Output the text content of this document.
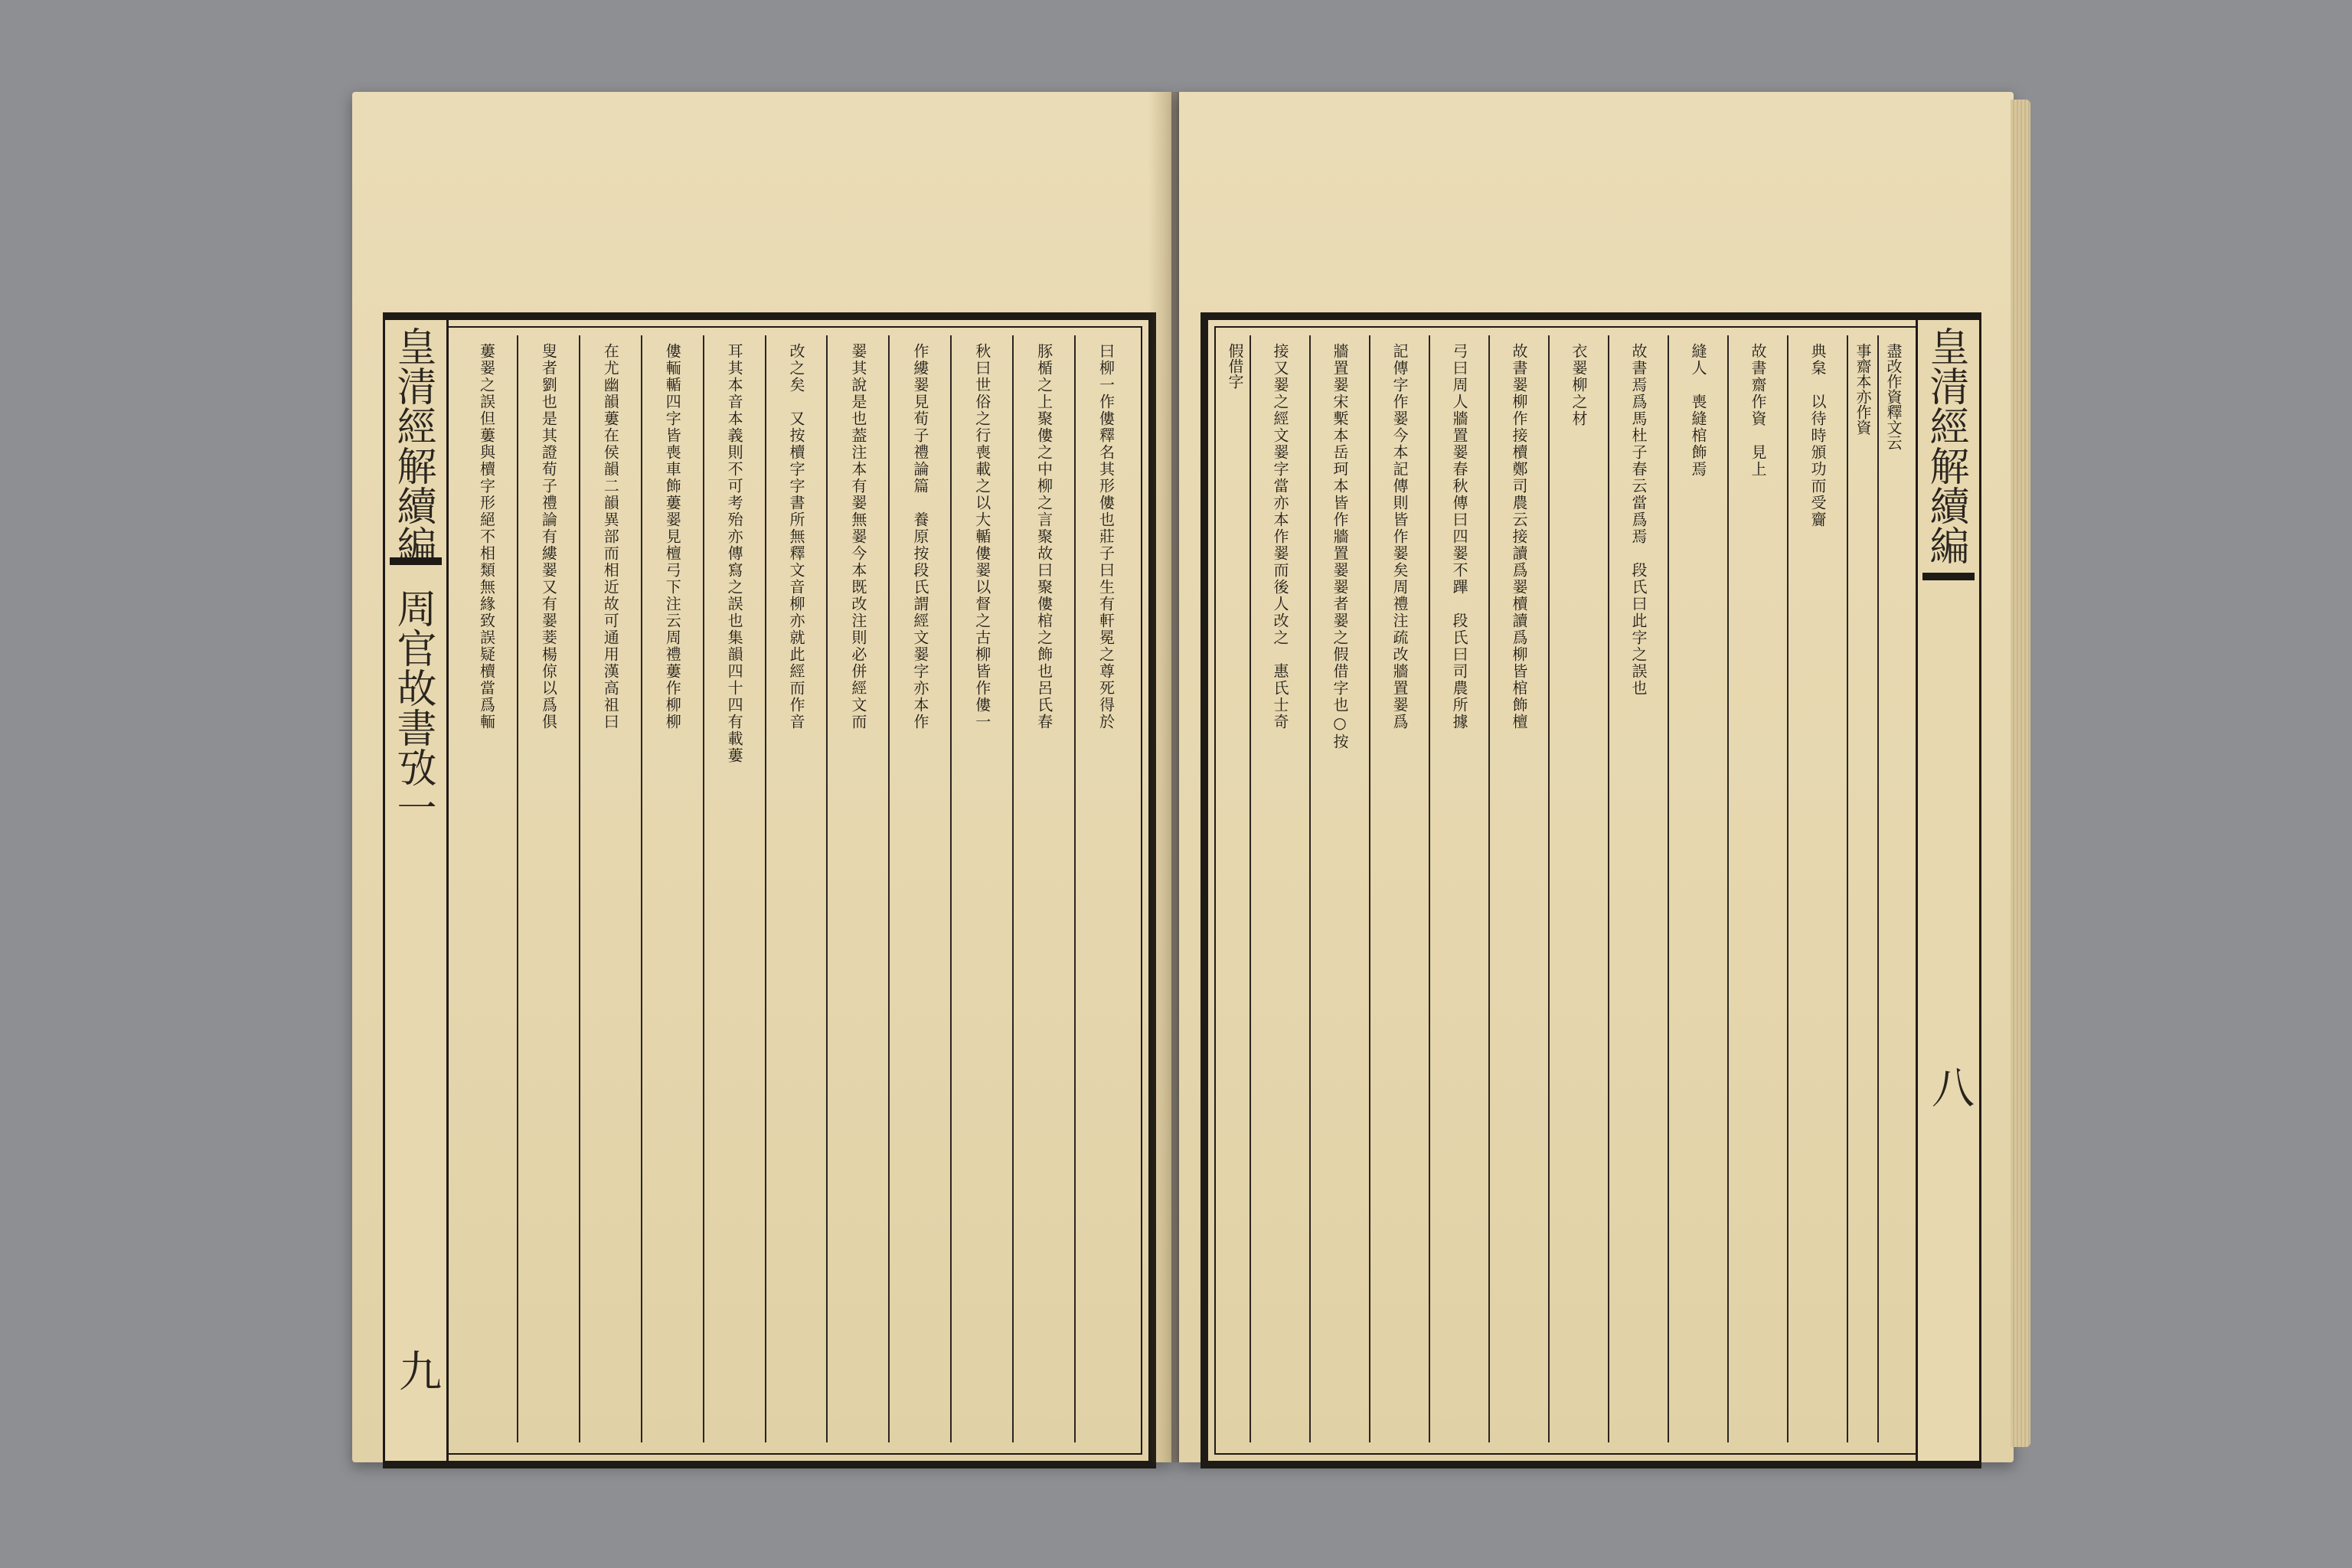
皇清經解續編
周官故書攷一
九
曰柳一作僂釋名其形僂也莊子曰生有軒冕之尊死得於
豚楯之上聚僂之中柳之言聚故曰聚僂棺之飾也呂氏春
秋曰世俗之行喪載之以大輴僂翣以督之古柳皆作僂一
作縷翣見荀子禮論篇　養原按段氏謂經文翣字亦本作
翣其說是也葢注本有翣無翣今本既改注則必併經文而
改之矣　又按櫝字字書所無釋文音柳亦就此經而作音
耳其本音本義則不可考殆亦傳寫之誤也集韻四十四有載蔞
僂輀輴四字皆喪車飾蔞翣見檀弓下注云周禮蔞作柳柳
在尤幽韻蔞在侯韻二韻異部而相近故可通用漢高祖曰
叟者劉也是其證荀子禮論有縷翣又有翣菨楊倞以爲俱
蔞翣之誤但蔞與櫝字形絕不相類無緣致誤疑櫝當爲輀	皇清經解續編
八
盡改作資釋文云
事齋本亦作資
典枲　以待時頒功而受齎
故書齋作資　見上
縫人　喪縫棺飾焉
故書焉爲馬杜子春云當爲焉　段氏曰此字之誤也
衣翣柳之材
故書翣柳作接櫝鄭司農云接讀爲翣櫝讀爲柳皆棺飾檀
弓曰周人牆置翣春秋傳曰四翣不蹕　段氏曰司農所據
記傳字作翣今本記傳則皆作翣矣周禮注疏改牆置翣爲
牆置翣宋槧本岳珂本皆作牆置翣翣者翣之假借字也○按
接又翣之經文翣字當亦本作翣而後人改之　惠氏士奇
假借字
